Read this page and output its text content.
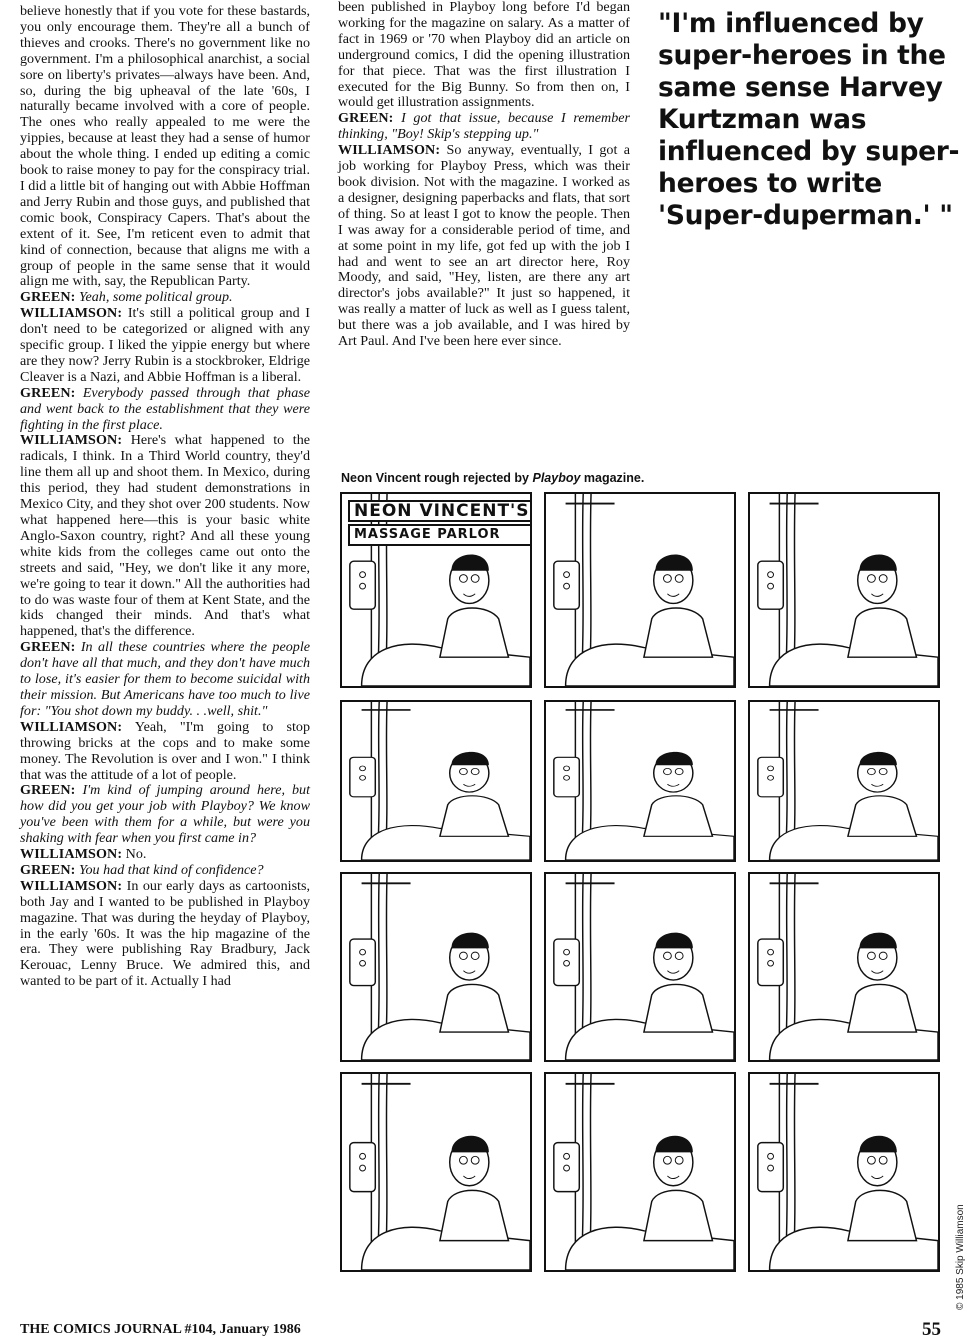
believe honestly that if you vote for these bastards, you only encourage them. They're all a bunch of thieves and crooks. There's no government like no government. I'm a philosophical anarchist, a social sore on liberty's privates—always have been. And, so, during the big upheaval of the late '60s, I naturally became involved with a core of people. The ones who really appealed to me were the yippies, because at least they had a sense of humor about the whole thing. I ended up editing a comic book to raise money to pay for the conspiracy trial. I did a little bit of hanging out with Abbie Hoffman and Jerry Rubin and those guys, and published that comic book, Conspiracy Capers. That's about the extent of it. See, I'm reticent even to admit that kind of connection, because that aligns me with a group of people in the same sense that it would align me with, say, the Republican Party.

GREEN: Yeah, some political group.

WILLIAMSON: It's still a political group and I don't need to be categorized or aligned with any specific group. I liked the yippie energy but where are they now? Jerry Rubin is a stockbroker, Eldrige Cleaver is a Nazi, and Abbie Hoffman is a liberal.

GREEN: Everybody passed through that phase and went back to the establishment that they were fighting in the first place.

WILLIAMSON: Here's what happened to the radicals, I think. In a Third World country, they'd line them all up and shoot them. In Mexico, during this period, they had student demonstrations in Mexico City, and they shot over 200 students. Now what happened here—this is your basic white Anglo-Saxon country, right? And all these young white kids from the colleges came out onto the streets and said, "Hey, we don't like it any more, we're going to tear it down." All the authorities had to do was waste four of them at Kent State, and the kids changed their minds. And that's what happened, that's the difference.

GREEN: In all these countries where the people don't have all that much, and they don't have much to lose, it's easier for them to become suicidal with their mission. But Americans have too much to live for: "You shot down my buddy. . .well, shit."

WILLIAMSON: Yeah, "I'm going to stop throwing bricks at the cops and to make some money. The Revolution is over and I won." I think that was the attitude of a lot of people.

GREEN: I'm kind of jumping around here, but how did you get your job with Playboy? We know you've been with them for a while, but were you shaking with fear when you first came in?

WILLIAMSON: No.

GREEN: You had that kind of confidence?

WILLIAMSON: In our early days as cartoonists, both Jay and I wanted to be published in Playboy magazine. That was during the heyday of Playboy, in the early '60s. It was the hip magazine of the era. They were publishing Ray Bradbury, Jack Kerouac, Lenny Bruce. We admired this, and wanted to be part of it. Actually I had

been published in Playboy long before I'd began working for the magazine on salary. As a matter of fact in 1969 or '70 when Playboy did an article on underground comics, I did the opening illustration for that piece. That was the first illustration I executed for the Big Bunny. So from then on, I would get illustration assignments.

GREEN: I got that issue, because I remember thinking, "Boy! Skip's stepping up."

WILLIAMSON: So anyway, eventually, I got a job working for Playboy Press, which was their book division. Not with the magazine. I worked as a designer, designing paperbacks and flats, that sort of thing. So at least I got to know the people. Then I was away for a considerable period of time, and at some point in my life, got fed up with the job I had and went to see an art director here, Roy Moody, and said, "Hey, listen, are there any art director's jobs available?" It just so happened, it was really a matter of luck as well as I guess talent, but there was a job available, and I was hired by Art Paul. And I've been here ever since.

"I'm influenced by super-heroes in the same sense Harvey Kurtzman was influenced by super-heroes to write 'Super-duperman.' "
Neon Vincent rough rejected by Playboy magazine.
NEON VINCENT'S
MASSAGE PARLOR
© 1985 Skip Williamson
THE COMICS JOURNAL #104, January 1986	55
